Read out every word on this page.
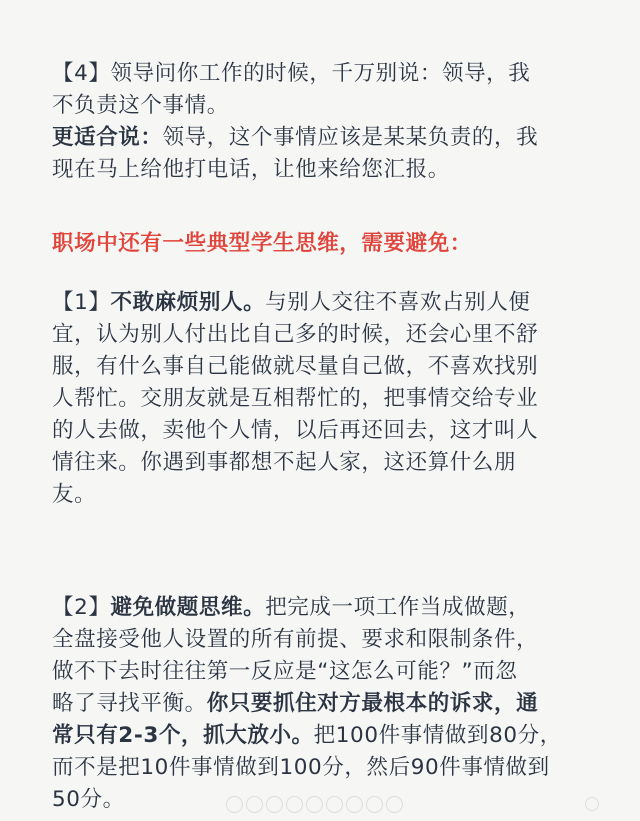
【4】领导问你工作的时候，千万别说：领导，我
不负责这个事情。
更适合说：领导，这个事情应该是某某负责的，我
现在马上给他打电话，让他来给您汇报。
职场中还有一些典型学生思维，需要避免：
【1】不敢麻烦别人。与别人交往不喜欢占别人便
宜，认为别人付出比自己多的时候，还会心里不舒
服，有什么事自己能做就尽量自己做，不喜欢找别
人帮忙。交朋友就是互相帮忙的，把事情交给专业
的人去做，卖他个人情，以后再还回去，这才叫人
情往来。你遇到事都想不起人家，这还算什么朋
友。
【2】避免做题思维。把完成一项工作当成做题，
全盘接受他人设置的所有前提、要求和限制条件，
做不下去时往往第一反应是“这怎么可能？”而忽
略了寻找平衡。你只要抓住对方最根本的诉求，通
常只有2-3个，抓大放小。把100件事情做到80分，
而不是把10件事情做到100分，然后90件事情做到
50分。
